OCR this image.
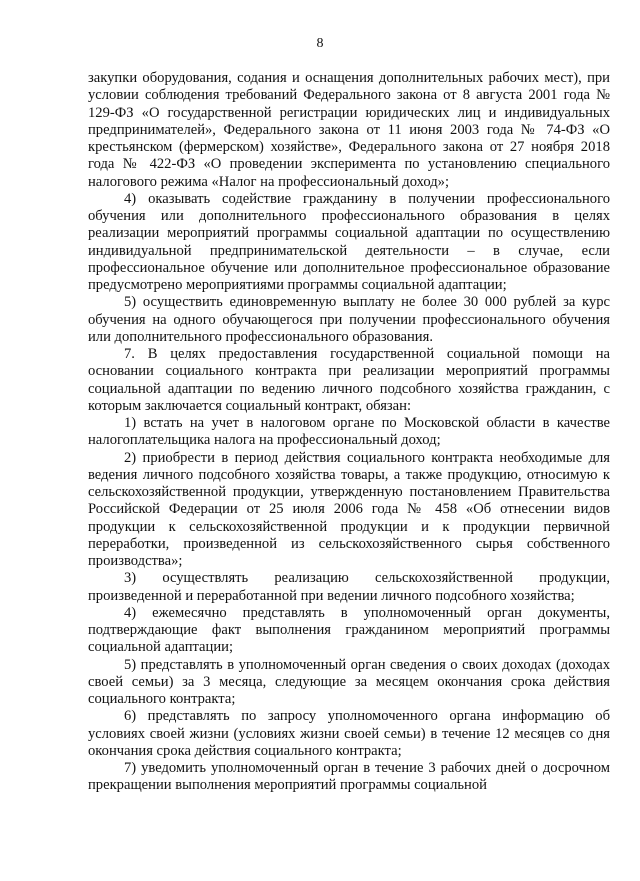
8

закупки оборудования, содания и оснащения дополнительных рабочих мест), при условии соблюдения требований Федерального закона от 8 августа 2001 года № 129-ФЗ «О государственной регистрации юридических лиц и индивидуальных предпринимателей», Федерального закона от 11 июня 2003 года № 74-ФЗ «О крестьянском (фермерском) хозяйстве», Федерального закона от 27 ноября 2018 года № 422-ФЗ «О проведении эксперимента по установлению специального налогового режима «Налог на профессиональный доход»;

4) оказывать содействие гражданину в получении профессионального обучения или дополнительного профессионального образования в целях реализации мероприятий программы социальной адаптации по осуществлению индивидуальной предпринимательской деятельности – в случае, если профессиональное обучение или дополнительное профессиональное образование предусмотрено мероприятиями программы социальной адаптации;

5) осуществить единовременную выплату не более 30 000 рублей за курс обучения на одного обучающегося при получении профессионального обучения или дополнительного профессионального образования.

7. В целях предоставления государственной социальной помощи на основании социального контракта при реализации мероприятий программы социальной адаптации по ведению личного подсобного хозяйства гражданин, с которым заключается социальный контракт, обязан:

1) встать на учет в налоговом органе по Московской области в качестве налогоплательщика налога на профессиональный доход;

2) приобрести в период действия социального контракта необходимые для ведения личного подсобного хозяйства товары, а также продукцию, относимую к сельскохозяйственной продукции, утвержденную постановлением Правительства Российской Федерации от 25 июля 2006 года № 458 «Об отнесении видов продукции к сельскохозяйственной продукции и к продукции первичной переработки, произведенной из сельскохозяйственного сырья собственного производства»;

3) осуществлять реализацию сельскохозяйственной продукции, произведенной и переработанной при ведении личного подсобного хозяйства;

4) ежемесячно представлять в уполномоченный орган документы, подтверждающие факт выполнения гражданином мероприятий программы социальной адаптации;

5) представлять в уполномоченный орган сведения о своих доходах (доходах своей семьи) за 3 месяца, следующие за месяцем окончания срока действия социального контракта;

6) представлять по запросу уполномоченного органа информацию об условиях своей жизни (условиях жизни своей семьи) в течение 12 месяцев со дня окончания срока действия социального контракта;

7) уведомить уполномоченный орган в течение 3 рабочих дней о досрочном прекращении выполнения мероприятий программы социальной
